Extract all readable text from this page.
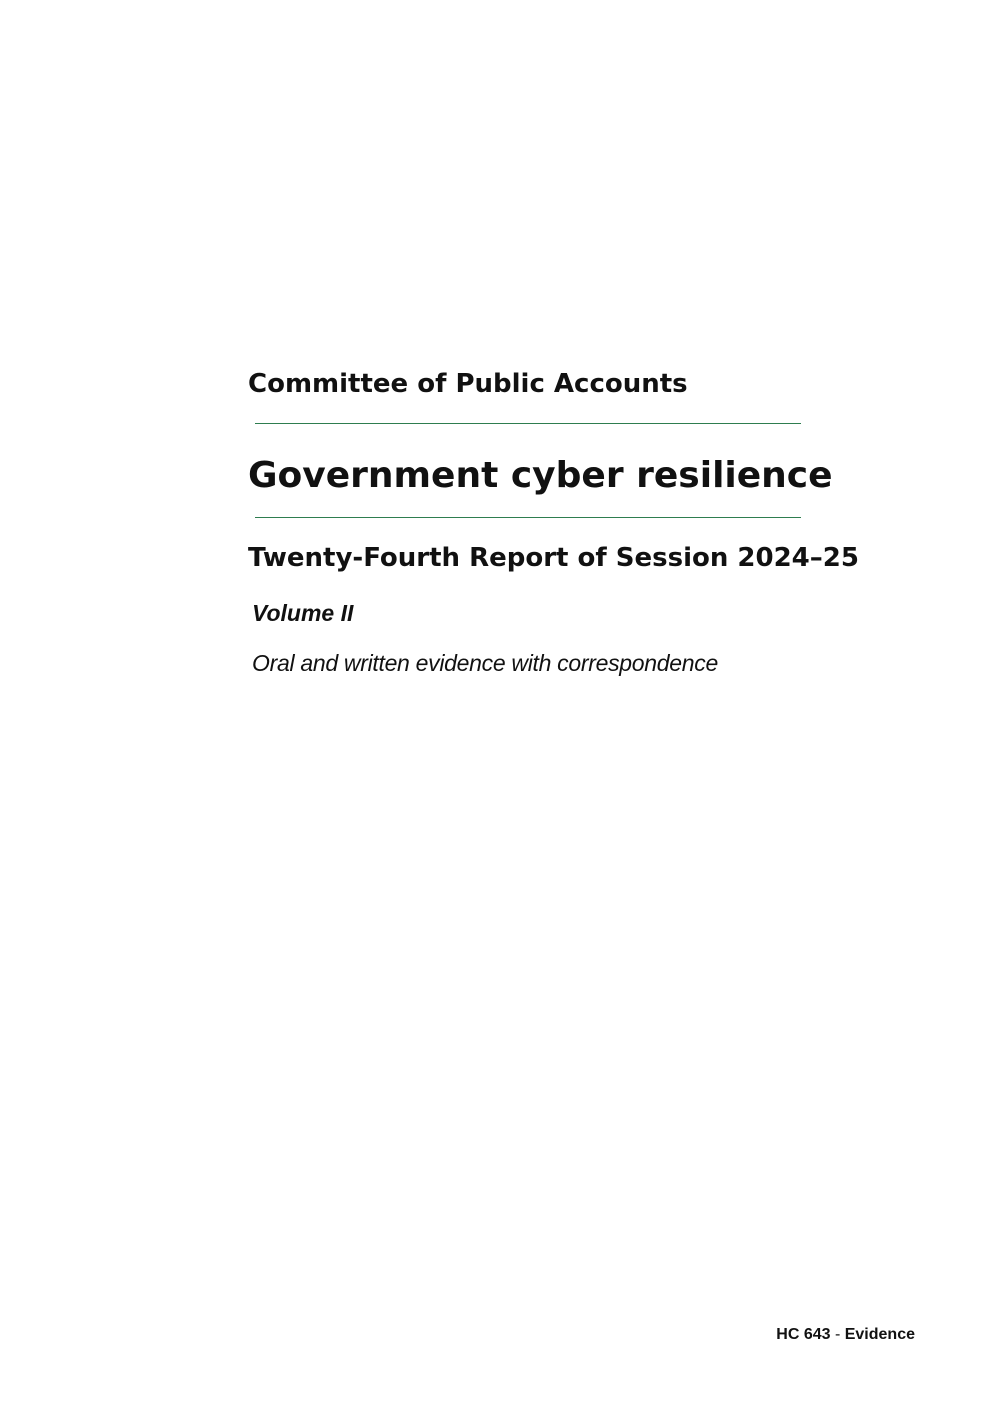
Committee of Public Accounts
Government cyber resilience
Twenty-Fourth Report of Session 2024–25
Volume II
Oral and written evidence with correspondence
HC 643 - Evidence
